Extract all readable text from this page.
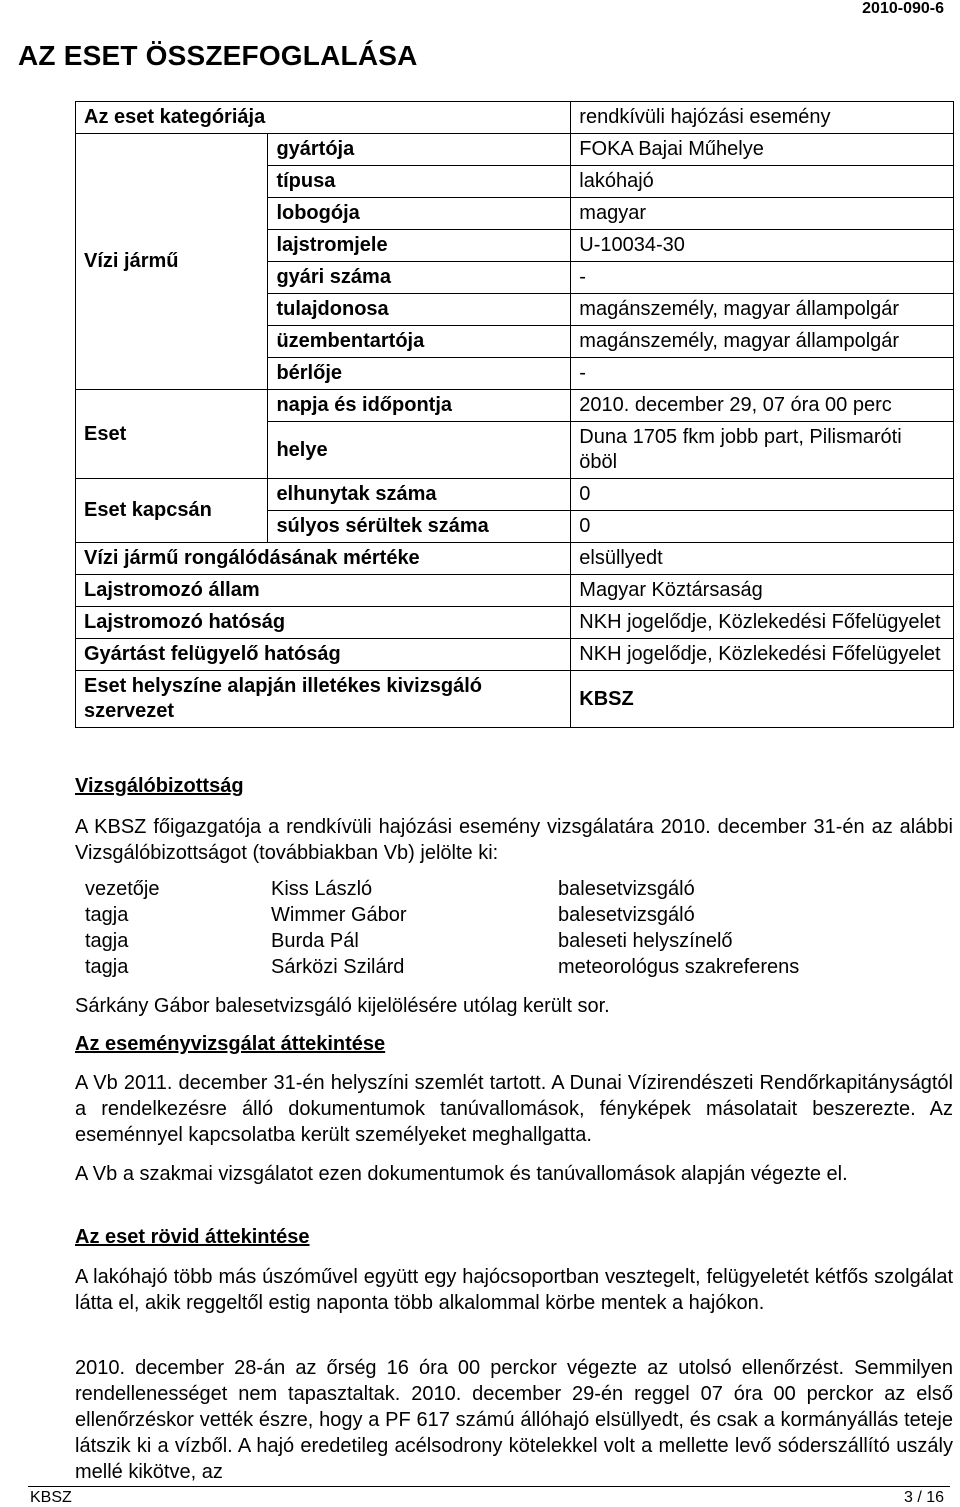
2010-090-6
AZ ESET ÖSSZEFOGLALÁSA
Az eset kategóriája		rendkívüli hajózási esemény
Vízi jármű	gyártója	FOKA Bajai Műhelye
	típusa	lakóhajó
	lobogója	magyar
	lajstromjele	U-10034-30
	gyári száma	-
	tulajdonosa	magánszemély, magyar állampolgár
	üzembentartója	magánszemély, magyar állampolgár
	bérlője	-
Eset	napja és időpontja	2010. december 29, 07 óra 00 perc
	helye	Duna 1705 fkm jobb part, Pilismaróti öböl
Eset kapcsán	elhunytak száma	0
	súlyos sérültek száma	0
Vízi jármű rongálódásának mértéke		elsüllyedt
Lajstromozó állam		Magyar Köztársaság
Lajstromozó hatóság		NKH jogelődje, Közlekedési Főfelügyelet
Gyártást felügyelő hatóság		NKH jogelődje, Közlekedési Főfelügyelet
Eset helyszíne alapján illetékes kivizsgáló szervezet		KBSZ

Vizsgálóbizottság

A KBSZ főigazgatója a rendkívüli hajózási esemény vizsgálatára 2010. december 31-én az alábbi Vizsgálóbizottságot (továbbiakban Vb) jelölte ki:

vezetője	Kiss László	balesetvizsgáló
tagja	Wimmer Gábor	balesetvizsgáló
tagja	Burda Pál	baleseti helyszínelő
tagja	Sárközi Szilárd	meteorológus szakreferens

Sárkány Gábor balesetvizsgáló kijelölésére utólag került sor.

Az eseményvizsgálat áttekintése

A Vb 2011. december 31-én helyszíni szemlét tartott. A Dunai Vízirendészeti Rendőrkapitányságtól a rendelkezésre álló dokumentumok tanúvallomások, fényképek másolatait beszerezte. Az eseménnyel kapcsolatba került személyeket meghallgatta.

A Vb a szakmai vizsgálatot ezen dokumentumok és tanúvallomások alapján végezte el.

Az eset rövid áttekintése

A lakóhajó több más úszóművel együtt egy hajócsoportban vesztegelt, felügyeletét kétfős szolgálat látta el, akik reggeltől estig naponta több alkalommal körbe mentek a hajókon.

2010. december 28-án az őrség 16 óra 00 perckor végezte az utolsó ellenőrzést. Semmilyen rendellenességet nem tapasztaltak. 2010. december 29-én reggel 07 óra 00 perckor az első ellenőrzéskor vették észre, hogy a PF 617 számú állóhajó elsüllyedt, és csak a kormányállás teteje látszik ki a vízből. A hajó eredetileg acélsodrony kötelekkel volt a mellette levő sóderszállító uszály mellé kikötve, az

KBSZ	3 / 16
